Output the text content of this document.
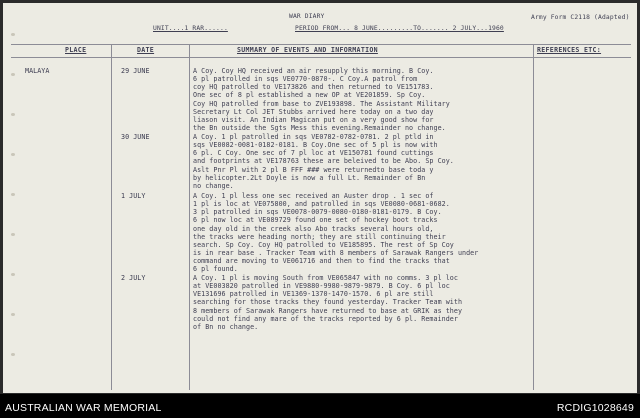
WAR DIARY	Army Form C2118 (Adapted)
UNIT....1 RAR......	PERIOD FROM... 8 JUNE.........TO....... 2 JULY...1960
PLACE	DATE	SUMMARY OF EVENTS AND INFORMATION	REFERENCES ETC:
MALAYA	29 JUNE	A Coy. Coy HQ received an air resupply this morning. B Coy.
6 pl patrolled in sqs VE0770-0870-. C Coy.A patrol from
coy HQ patrolled to VE173826 and then returned to VE151783.
One sec of 8 pl established a new OP at VE201859. Sp Coy.
Coy HQ patrolled from base to ZVE193898. The Assistant Military
Secretary Lt Col JET Stubbs arrived here today on a two day
liason visit. An Indian Magican put on a very good show for
the Bn outside the Sgts Mess this evening.Remainder no change.
30 JUNE	A Coy. 1 pl patrolled in sqs VE0782-0782-0781. 2 pl ptld in
sqs VE0082-0081-0182-0181. B Coy.One sec of 5 pl is now with
6 pl. C Coy. One sec of 7 pl loc at VE150781 found cuttings
and footprints at VE178763 these are beleived to be Abo. Sp Coy.
Aslt Pnr Pl with 2 pl B FFF ### were returnedto base toda y
by helicopter.2Lt Doyle is now a full Lt. Remainder of Bn
no change.
1 JULY	A Coy. 1 pl less one sec received an Auster drop . 1 sec of
1 pl is loc at VE075800, and patrolled in sqs VE0080-0681-0682.
3 pl patrolled in sqs VE0078-0079-0080-0180-0181-0179. B Coy.
6 pl now loc at VE089729 found one set of hockey boot tracks
one day old in the creek also Abo tracks several hours old,
the tracks were heading north; they are still continuing their
search. Sp Coy. Coy HQ patrolled to VE185895. The rest of Sp Coy
is in rear base . Tracker Team with 8 members of Sarawak Rangers under
command are moving to VE061716 and then to find the tracks that
6 pl found.
2 JULY	A Coy. 1 pl is moving South from VE065847 with no comms. 3 pl loc
at VE003820 patrolled in VE9880-9980-9879-9879. B Coy. 6 pl loc
VE131696 patrolled in VE1369-1370-1470-1570. 6 pl are still
searching for those tracks they found yesterday. Tracker Team with
8 members of Sarawak Rangers have returned to base at GRIK as they
could not find any mare of the tracks reported by 6 pl. Remainder
of Bn no change.
AUSTRALIAN WAR MEMORIAL	RCDIG1028649
